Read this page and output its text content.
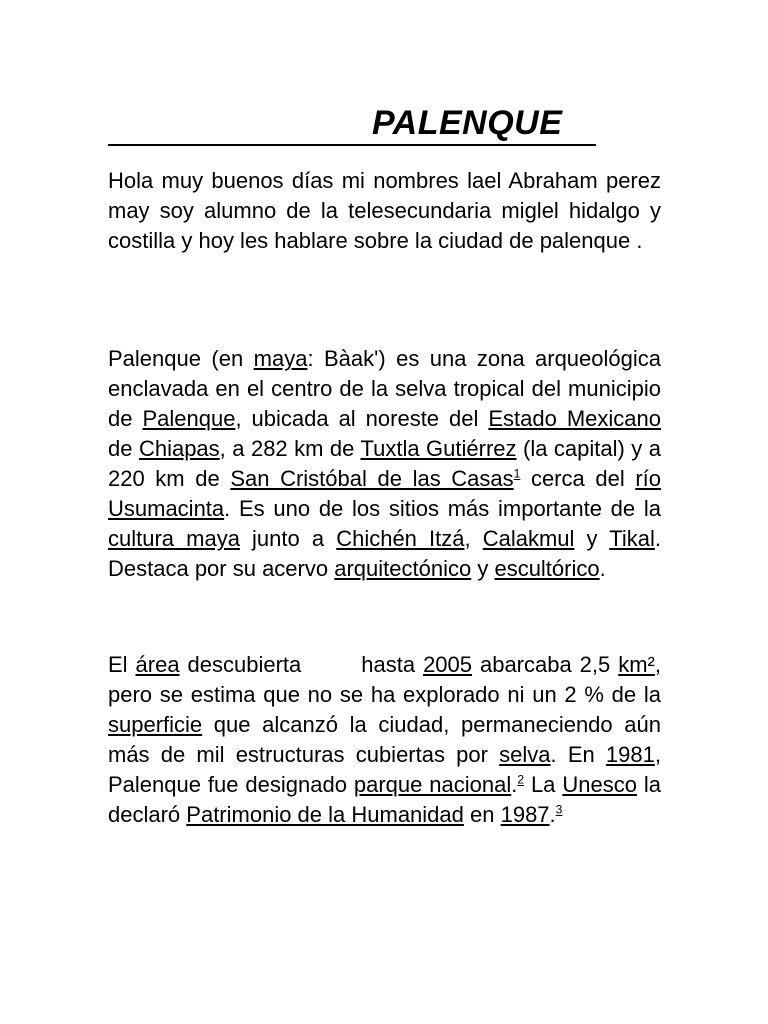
PALENQUE

Hola muy buenos días mi nombres lael Abraham perez may soy alumno de la telesecundaria miglel hidalgo y costilla y hoy les hablare sobre la ciudad de palenque .

Palenque (en maya: Bàak') es una zona arqueológica enclavada en el centro de la selva tropical del municipio de Palenque, ubicada al noreste del Estado Mexicano de Chiapas, a 282 km de Tuxtla Gutiérrez (la capital) y a 220 km de San Cristóbal de las Casas$^1$ cerca del río Usumacinta. Es uno de los sitios más importante de la cultura maya junto a Chichén Itzá, Calakmul y Tikal. Destaca por su acervo arquitectónico y escultórico.

El área descubierta	hasta 2005 abarcaba 2,5 km², pero se estima que no se ha explorado ni un 2 % de la superficie que alcanzó la ciudad, permaneciendo aún más de mil estructuras cubiertas por selva. En 1981, Palenque fue designado parque nacional.$^2$ La Unesco la declaró Patrimonio de la Humanidad en 1987.$^3$
